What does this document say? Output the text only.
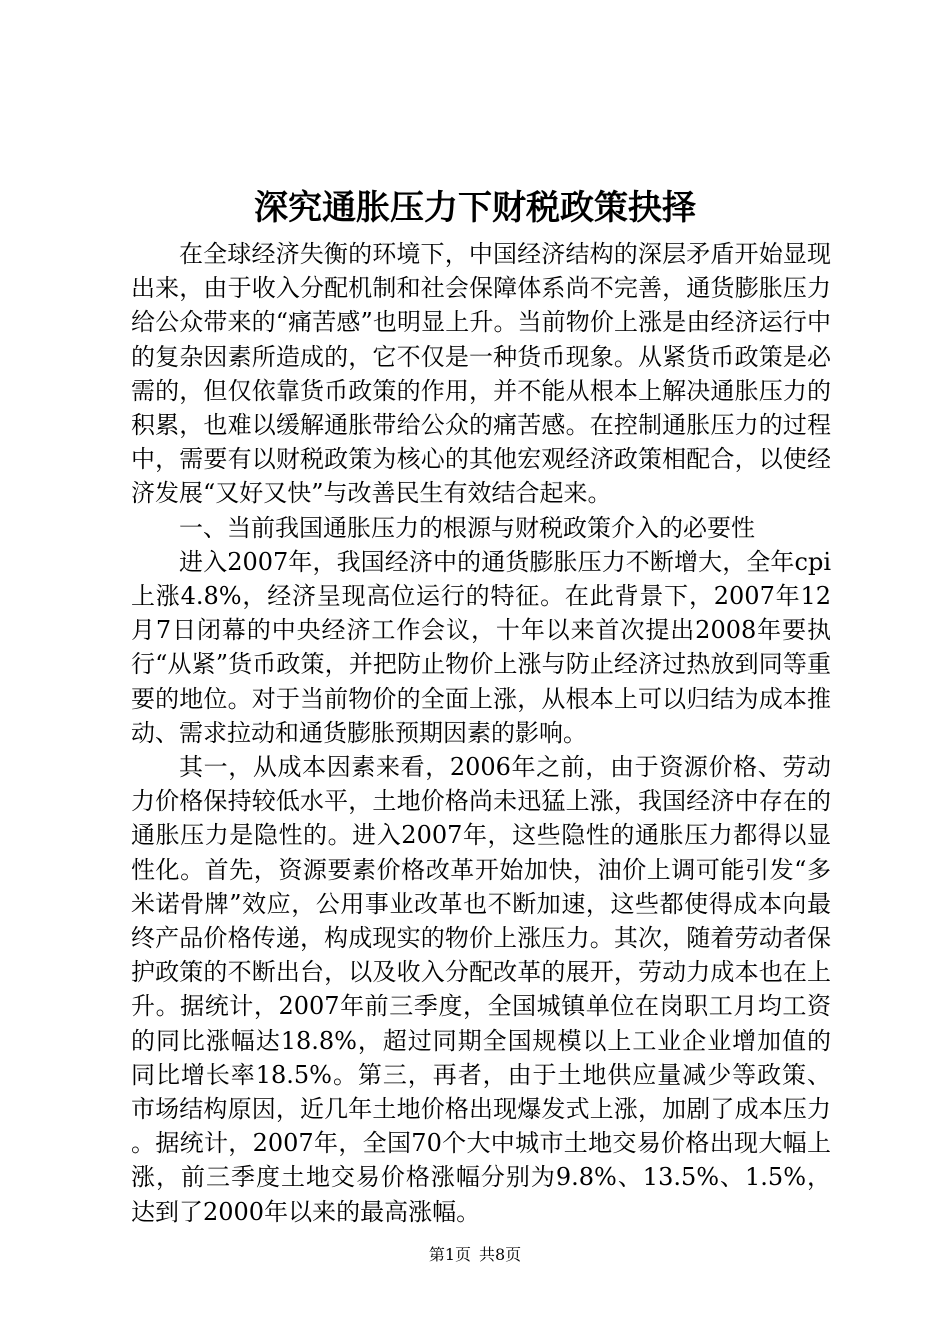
深究通胀压力下财税政策抉择

在全球经济失衡的环境下，中国经济结构的深层矛盾开始显现出来，由于收入分配机制和社会保障体系尚不完善，通货膨胀压力给公众带来的“痛苦感”也明显上升。当前物价上涨是由经济运行中的复杂因素所造成的，它不仅是一种货币现象。从紧货币政策是必需的，但仅依靠货币政策的作用，并不能从根本上解决通胀压力的积累，也难以缓解通胀带给公众的痛苦感。在控制通胀压力的过程中，需要有以财税政策为核心的其他宏观经济政策相配合，以使经济发展“又好又快”与改善民生有效结合起来。

一、当前我国通胀压力的根源与财税政策介入的必要性

进入2007年，我国经济中的通货膨胀压力不断增大，全年cpi上涨4.8%，经济呈现高位运行的特征。在此背景下，2007年12月7日闭幕的中央经济工作会议，十年以来首次提出2008年要执行“从紧”货币政策，并把防止物价上涨与防止经济过热放到同等重要的地位。对于当前物价的全面上涨，从根本上可以归结为成本推动、需求拉动和通货膨胀预期因素的影响。

其一，从成本因素来看，2006年之前，由于资源价格、劳动力价格保持较低水平，土地价格尚未迅猛上涨，我国经济中存在的通胀压力是隐性的。进入2007年，这些隐性的通胀压力都得以显性化。首先，资源要素价格改革开始加快，油价上调可能引发“多米诺骨牌”效应，公用事业改革也不断加速，这些都使得成本向最终产品价格传递，构成现实的物价上涨压力。其次，随着劳动者保护政策的不断出台，以及收入分配改革的展开，劳动力成本也在上升。据统计，2007年前三季度，全国城镇单位在岗职工月均工资的同比涨幅达18.8%，超过同期全国规模以上工业企业增加值的同比增长率18.5%。第三，再者，由于土地供应量减少等政策、市场结构原因，近几年土地价格出现爆发式上涨，加剧了成本压力。据统计，2007年，全国70个大中城市土地交易价格出现大幅上涨，前三季度土地交易价格涨幅分别为9.8%、13.5%、1.5%，达到了2000年以来的最高涨幅。

第1页 共8页
